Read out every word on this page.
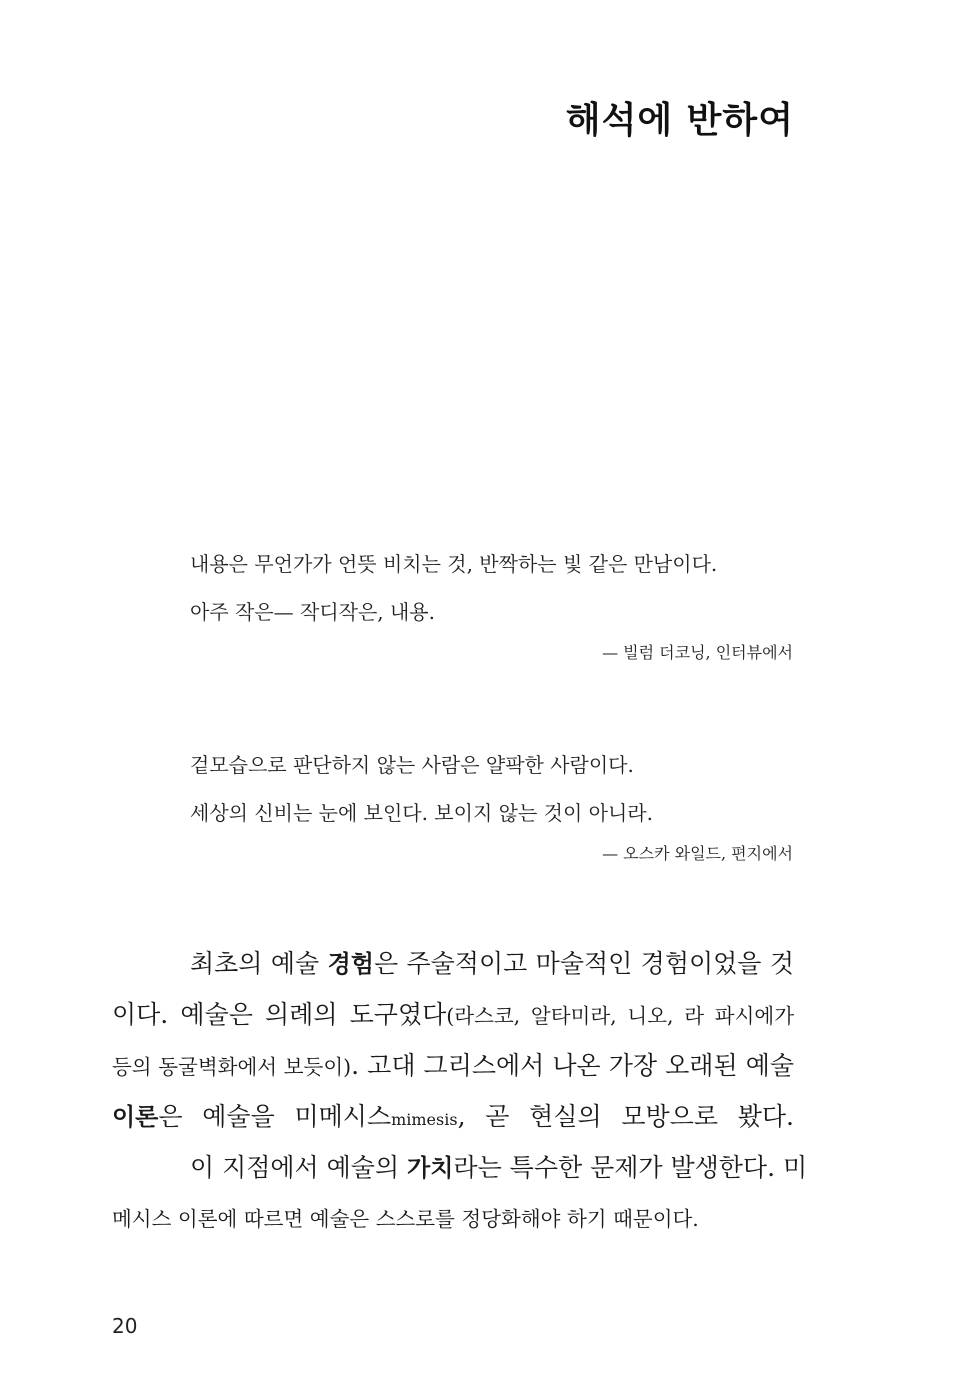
해석에 반하여
내용은 무언가가 언뜻 비치는 것, 반짝하는 빛 같은 만남이다.
아주 작은— 작디작은, 내용.
— 빌럼 더코닝, 인터뷰에서
겉모습으로 판단하지 않는 사람은 얄팍한 사람이다.
세상의 신비는 눈에 보인다. 보이지 않는 것이 아니라.
— 오스카 와일드, 편지에서
최초의 예술 경험은 주술적이고 마술적인 경험이었을 것
이다. 예술은 의례의 도구였다(라스코, 알타미라, 니오, 라 파시에가
등의 동굴벽화에서 보듯이). 고대 그리스에서 나온 가장 오래된 예술
이론은 예술을 미메시스mimesis, 곧 현실의 모방으로 봤다.
이 지점에서 예술의 가치라는 특수한 문제가 발생한다. 미
메시스 이론에 따르면 예술은 스스로를 정당화해야 하기 때문이다.
20
